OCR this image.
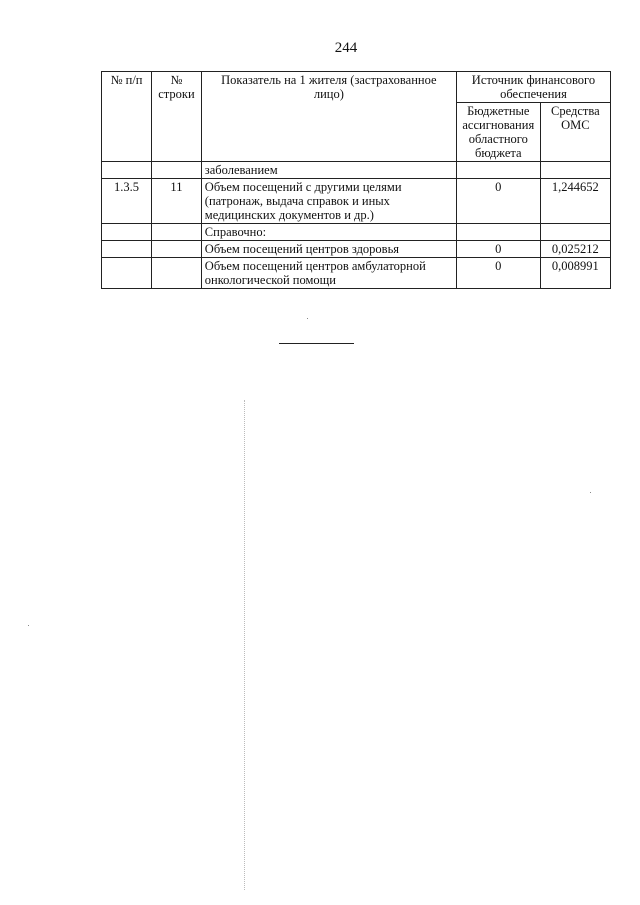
244
№ п/п	№ строки	Показатель на 1 жителя (застрахованное лицо)	Источник финансового обеспечения	
			Бюджетные ассигнования областного бюджета	Средства ОМС
		заболеванием		
1.3.5	11	Объем посещений с другими целями (патронаж, выдача справок и иных медицинских документов и др.)	0	1,244652
		Справочно:		
		Объем посещений центров здоровья	0	0,025212
		Объем посещений центров амбулаторной онкологической помощи	0	0,008991
